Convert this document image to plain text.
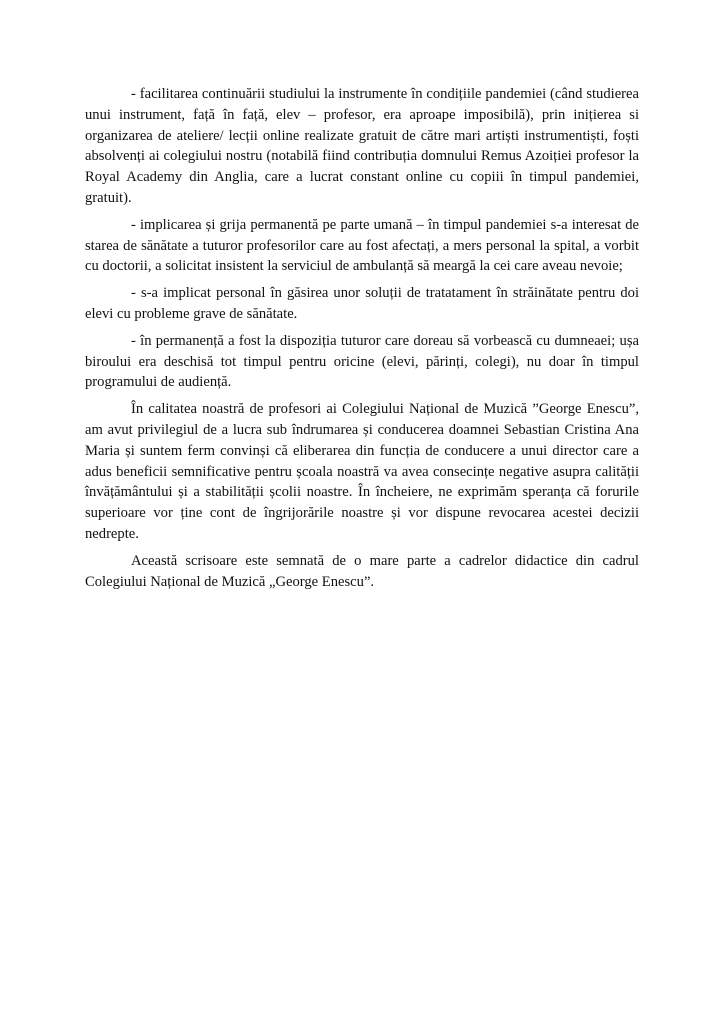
- facilitarea continuării studiului la instrumente în condițiile pandemiei (când studierea unui instrument, față în față, elev – profesor, era aproape imposibilă), prin inițierea si organizarea de ateliere/ lecții online realizate gratuit de către mari artiști instrumentiști, foști absolvenți ai colegiului nostru (notabilă fiind contribuția domnului Remus Azoiției profesor la Royal Academy din Anglia, care a lucrat constant online cu copiii în timpul pandemiei, gratuit).

- implicarea și grija permanentă pe parte umană – în timpul pandemiei s-a interesat de starea de sănătate a tuturor profesorilor care au fost afectați, a mers personal la spital, a vorbit cu doctorii, a solicitat insistent la serviciul de ambulanță să meargă la cei care aveau nevoie;

- s-a implicat personal în găsirea unor soluții de tratatament în străinătate pentru doi elevi cu probleme grave de sănătate.

- în permanență a fost la dispoziția tuturor care doreau să vorbească cu dumneaei; ușa biroului era deschisă tot timpul pentru oricine (elevi, părinți, colegi), nu doar în timpul programului de audiență.

În calitatea noastră de profesori ai Colegiului Național de Muzică ”George Enescu”, am avut privilegiul de a lucra sub îndrumarea și conducerea doamnei Sebastian Cristina Ana Maria și suntem ferm convinși că eliberarea din funcția de conducere a unui director care a adus beneficii semnificative pentru școala noastră va avea consecințe negative asupra calității învățământului și a stabilității școlii noastre. În încheiere, ne exprimăm speranța că forurile superioare vor ține cont de îngrijorările noastre și vor dispune revocarea acestei decizii nedrepte.

Această scrisoare este semnată de o mare parte a cadrelor didactice din cadrul Colegiului Național de Muzică „George Enescu”.
